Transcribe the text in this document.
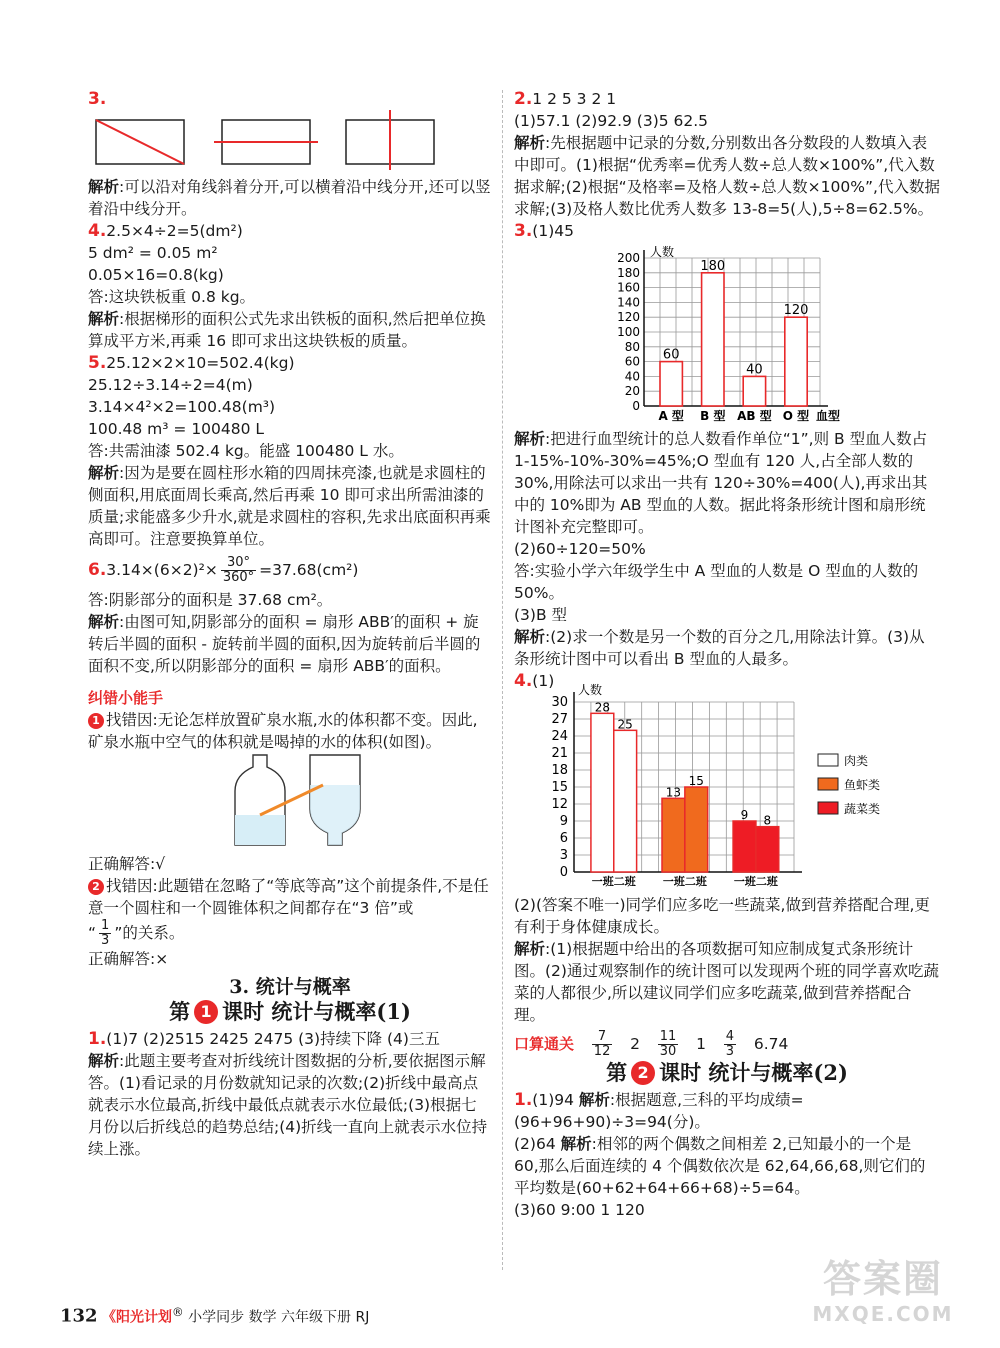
3.

解析:可以沿对角线斜着分开,可以横着沿中线分开,还可以竖着沿中线分开。

4.2.5×4÷2=5(dm²)
5 dm² = 0.05 m²
0.05×16=0.8(kg)
答:这块铁板重 0.8 kg。

解析:根据梯形的面积公式先求出铁板的面积,然后把单位换算成平方米,再乘 16 即可求出这块铁板的质量。

5.25.12×2×10=502.4(kg)
25.12÷3.14÷2=4(m)
3.14×4²×2=100.48(m³)
100.48 m³ = 100480 L
答:共需油漆 502.4 kg。能盛 100480 L 水。

解析:因为是要在圆柱形水箱的四周抹亮漆,也就是求圆柱的侧面积,用底面周长乘高,然后再乘 10 即可求出所需油漆的质量;求能盛多少升水,就是求圆柱的容积,先求出底面积再乘高即可。注意要换算单位。

$6.3.14\times(6\times 2)^2\times \frac{30^\circ}{360^\circ} =37.68(cm^2)$
答:阴影部分的面积是 37.68 cm²。

解析:由图可知,阴影部分的面积 = 扇形 ABB′的面积 + 旋转后半圆的面积 - 旋转前半圆的面积,因为旋转前后半圆的面积不变,所以阴影部分的面积 = 扇形 ABB′的面积。

纠错小能手

1 找错因:无论怎样放置矿泉水瓶,水的体积都不变。因此,矿泉水瓶中空气的体积就是喝掉的水的体积(如图)。

正确解答:√

2 找错因:此题错在忽略了“等底等高”这个前提条件,不是任意一个圆柱和一个圆锥体积之间都存在“3 倍”或

“ $\frac{1}{3}$ ”的关系。
正确解答:×
3. 统计与概率
第 1 课时 统计与概率(1)

1.(1)7 (2)2515 2425 2475 (3)持续下降 (4)三五

解析:此题主要考查对折线统计图数据的分析,要依据图示解答。(1)看记录的月份数就知记录的次数;(2)折线中最高点就表示水位最高,折线中最低点就表示水位最低;(3)根据七月份以后折线总的趋势总结;(4)折线一直向上就表示水位持续上涨。

2.1 2 5 3 2 1
(1)57.1 (2)92.9 (3)5 62.5

解析:先根据题中记录的分数,分别数出各分数段的人数填入表中即可。(1)根据“优秀率=优秀人数÷总人数×100%”,代入数据求解;(2)根据“及格率=及格人数÷总人数×100%”,代入数据求解;(3)及格人数比优秀人数多 13-8=5(人),5÷8=62.5%。

3.(1)45
0
20
40
60
80
100
120
140
160
180
200 人数
60
A 型
180
B 型
40
AB 型
120
O 型 血型

解析:把进行血型统计的总人数看作单位“1”,则 B 型血人数占 1-15%-10%-30%=45%;O 型血有 120 人,占全部人数的 30%,用除法可以求出一共有 120÷30%=400(人),再求出其中的 10%即为 AB 型血的人数。据此将条形统计图和扇形统计图补充完整即可。

(2)60÷120=50%

答:实验小学六年级学生中 A 型血的人数是 O 型血的人数的 50%。

(3)B 型

解析:(2)求一个数是另一个数的百分之几,用除法计算。(3)从条形统计图中可以看出 B 型血的人最多。

4.(1)
0
3
6
9
12
15
18
21
24
27
30
人数
28
25
一班二班
13
15
一班二班
9 8
一班二班
肉类
鱼虾类
蔬菜类

(2)(答案不唯一)同学们应多吃一些蔬菜,做到营养搭配合理,更有利于身体健康成长。

解析:(1)根据题中给出的各项数据可知应制成复式条形统计图。(2)通过观察制作的统计图可以发现两个班的同学喜欢吃蔬菜的人都很少,所以建议同学们应多吃蔬菜,做到营养搭配合理。

口算通关 $\frac{7}{12} 2 \frac{11}{30} 1 \frac{4}{3} 6.74$
第 2 课时 统计与概率(2)

1.(1)94 解析:根据题意,三科的平均成绩=(96+96+90)÷3=94(分)。

(2)64 解析:相邻的两个偶数之间相差 2,已知最小的一个是 60,那么后面连续的 4 个偶数依次是 62,64,66,68,则它们的平均数是(60+62+64+66+68)÷5=64。

(3)60 9:00 1 120
132 《阳光计划® 小学同步 数学 六年级下册 RJ
答案圈
MXQE.COM
